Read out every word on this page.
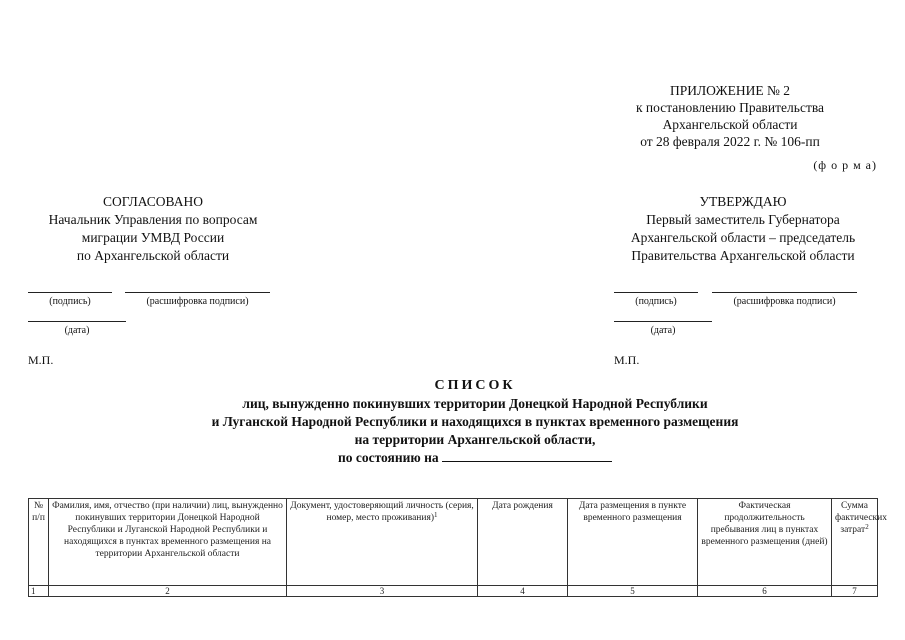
ПРИЛОЖЕНИЕ № 2
к постановлению Правительства
Архангельской области
от 28 февраля 2022 г. № 106-пп
(ф о р м а)
СОГЛАСОВАНО
Начальник Управления по вопросам
миграции УМВД России
по Архангельской области
(подпись)	(расшифровка подписи)
(дата)
М.П.
УТВЕРЖДАЮ
Первый заместитель Губернатора
Архангельской области – председатель
Правительства Архангельской области
(подпись)	(расшифровка подписи)
(дата)
М.П.
СПИСОК
лиц, вынужденно покинувших территории Донецкой Народной Республики
и Луганской Народной Республики и находящихся в пунктах временного размещения
на территории Архангельской области,
по состоянию на
№ п/п	Фамилия, имя, отчество (при наличии) лиц, вынужденно покинувших территории Донецкой Народной Республики и Луганской Народной Республики и находящихся в пунктах временного размещения на территории Архангельской области	Документ, удостоверяющий личность (серия, номер, место проживания)$^1$	Дата рождения	Дата размещения в пункте временного размещения	Фактическая продолжительность пребывания лиц в пунктах временного размещения (дней)	Сумма фактических затрат$^2$
1	2	3	4	5	6	7
